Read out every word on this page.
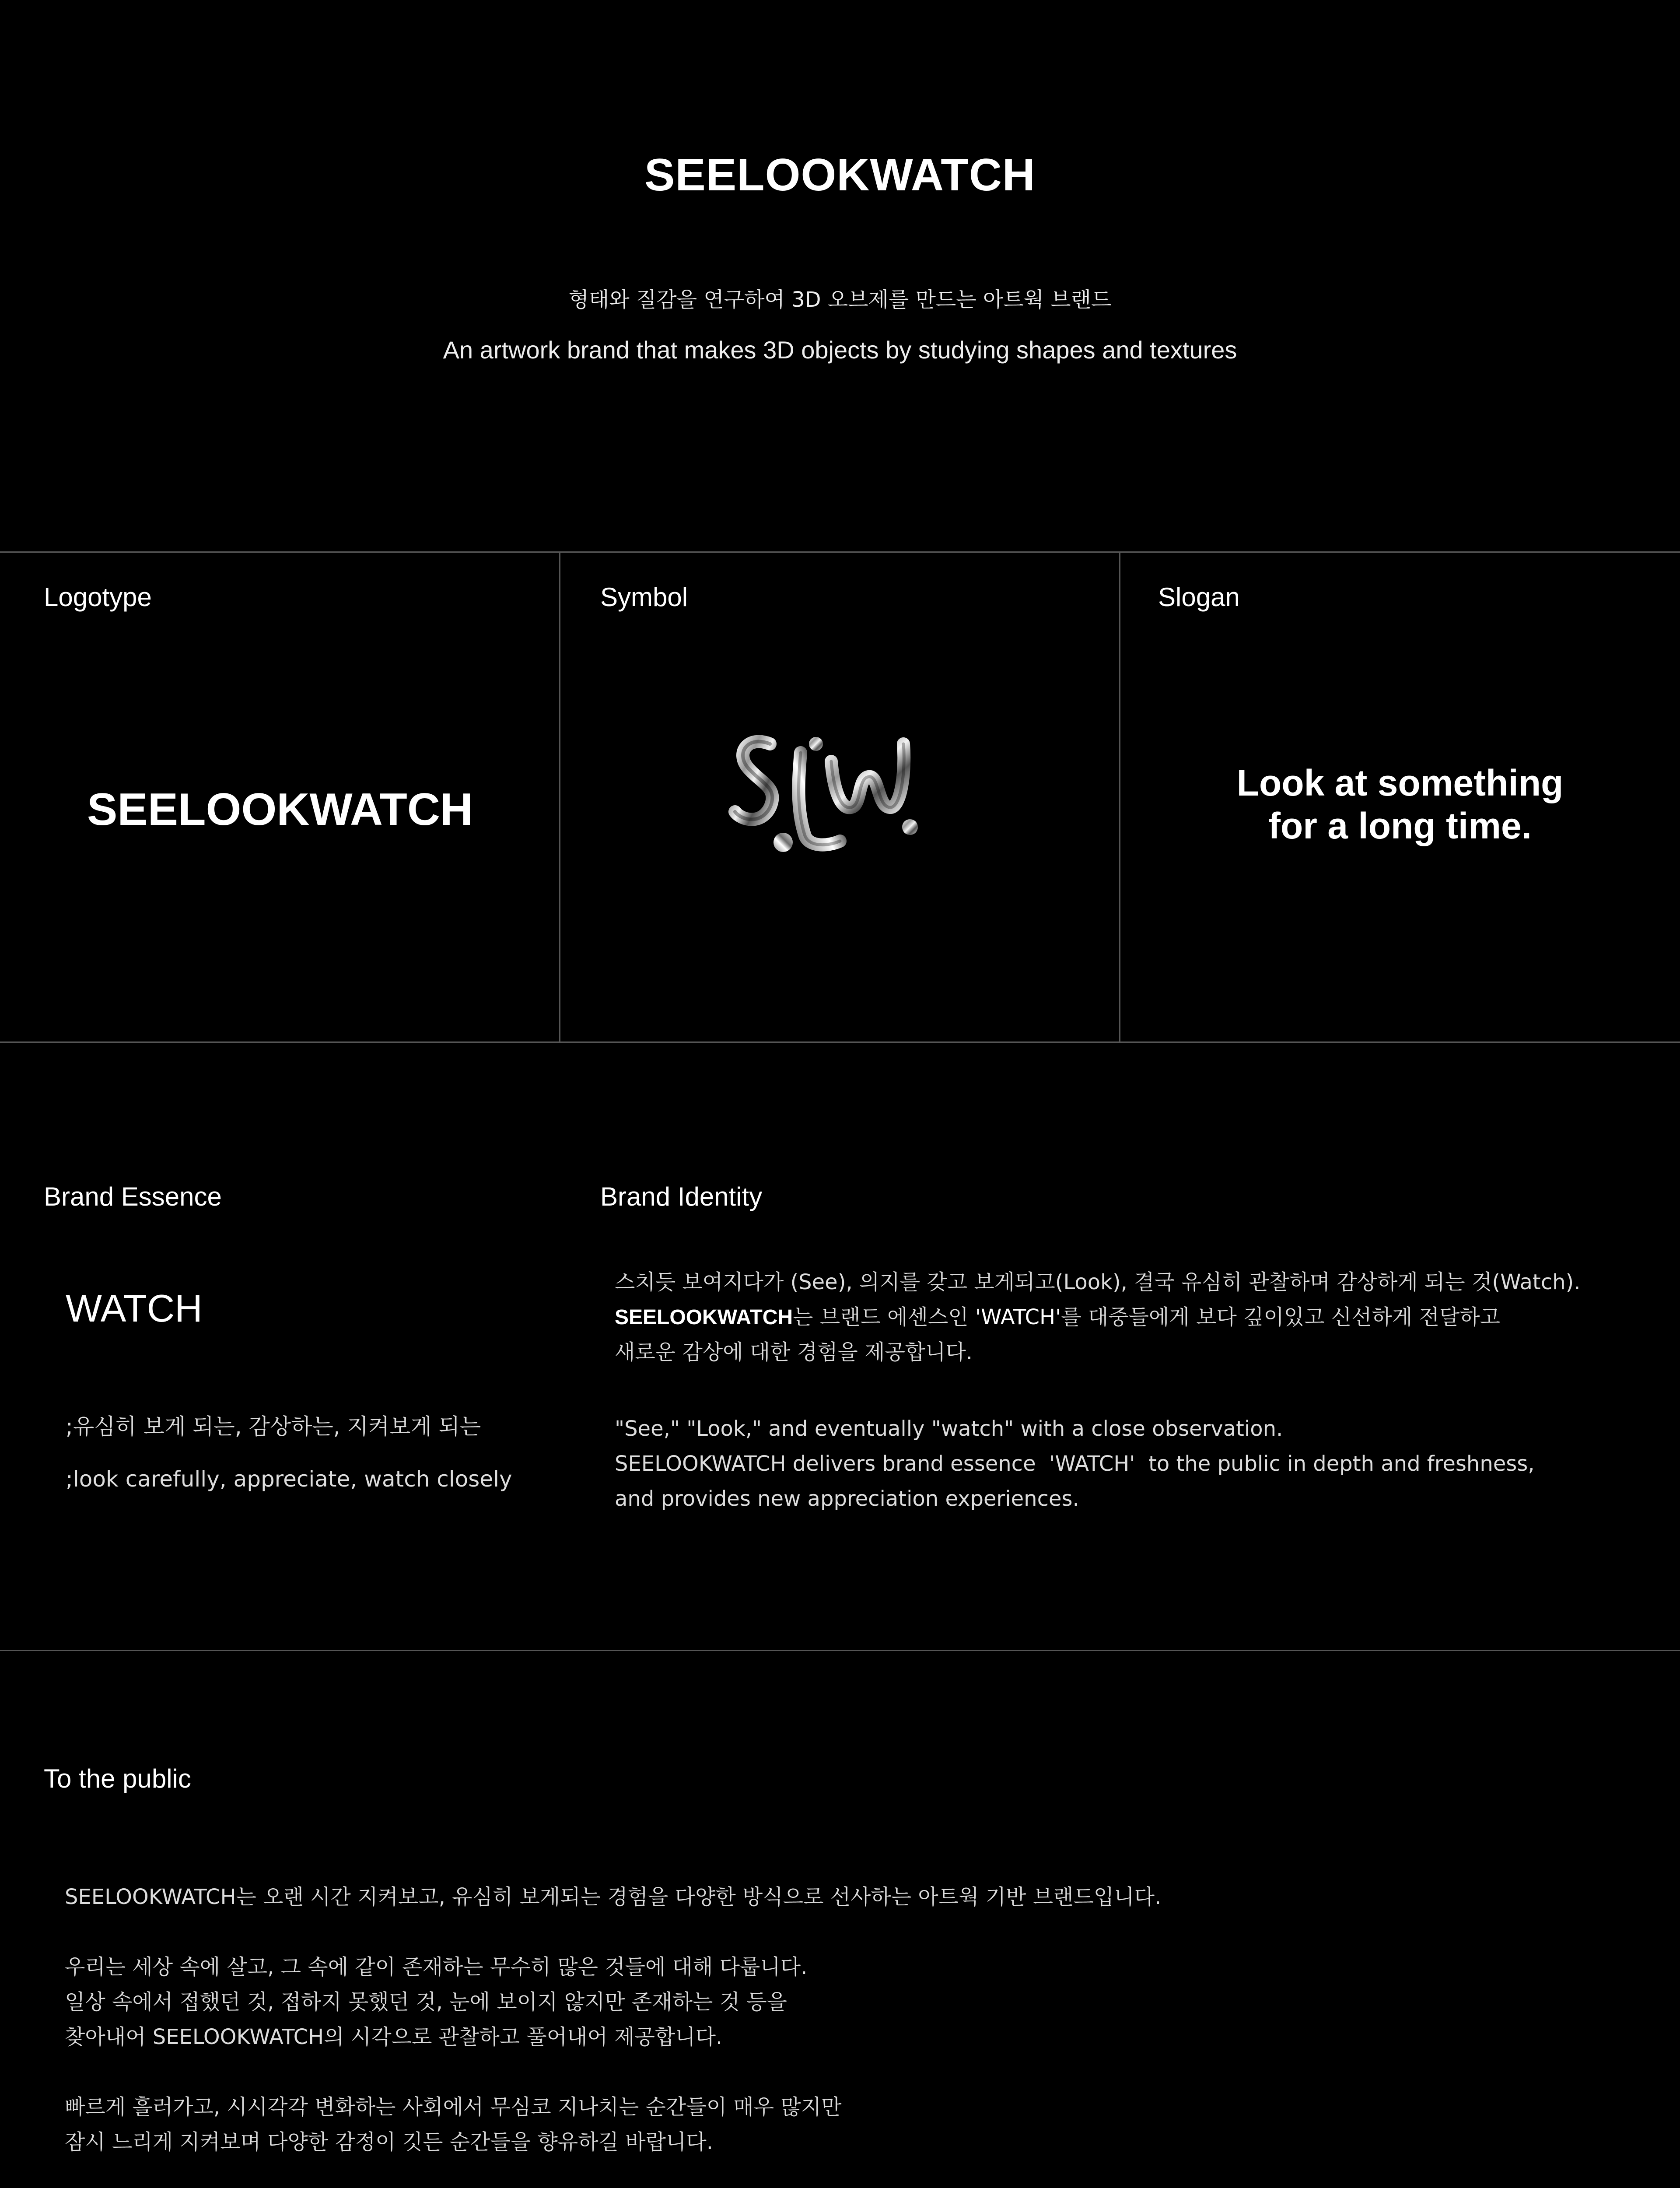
SEELOOKWATCH
형태와 질감을 연구하여 3D 오브제를 만드는 아트웍 브랜드
An artwork brand that makes 3D objects by studying shapes and textures
Logotype
SEELOOKWATCH
Symbol	Slogan
Look at something
for a long time.
Brand Essence
WATCH
;유심히 보게 되는, 감상하는, 지켜보게 되는
;look carefully, appreciate, watch closely
Brand Identity
스치듯 보여지다가 (See), 의지를 갖고 보게되고(Look), 결국 유심히 관찰하며 감상하게 되는 것(Watch).
SEELOOKWATCH는 브랜드 에센스인 'WATCH'를 대중들에게 보다 깊이있고 신선하게 전달하고
새로운 감상에 대한 경험을 제공합니다.
"See," "Look," and eventually "watch" with a close observation.
SEELOOKWATCH delivers brand essence  'WATCH'  to the public in depth and freshness,
and provides new appreciation experiences.
To the public
SEELOOKWATCH는 오랜 시간 지켜보고, 유심히 보게되는 경험을 다양한 방식으로 선사하는 아트웍 기반 브랜드입니다.
우리는 세상 속에 살고, 그 속에 같이 존재하는 무수히 많은 것들에 대해 다룹니다.
일상 속에서 접했던 것, 접하지 못했던 것, 눈에 보이지 않지만 존재하는 것 등을
찾아내어 SEELOOKWATCH의 시각으로 관찰하고 풀어내어 제공합니다.
빠르게 흘러가고, 시시각각 변화하는 사회에서 무심코 지나치는 순간들이 매우 많지만
잠시 느리게 지켜보며 다양한 감정이 깃든 순간들을 향유하길 바랍니다.
